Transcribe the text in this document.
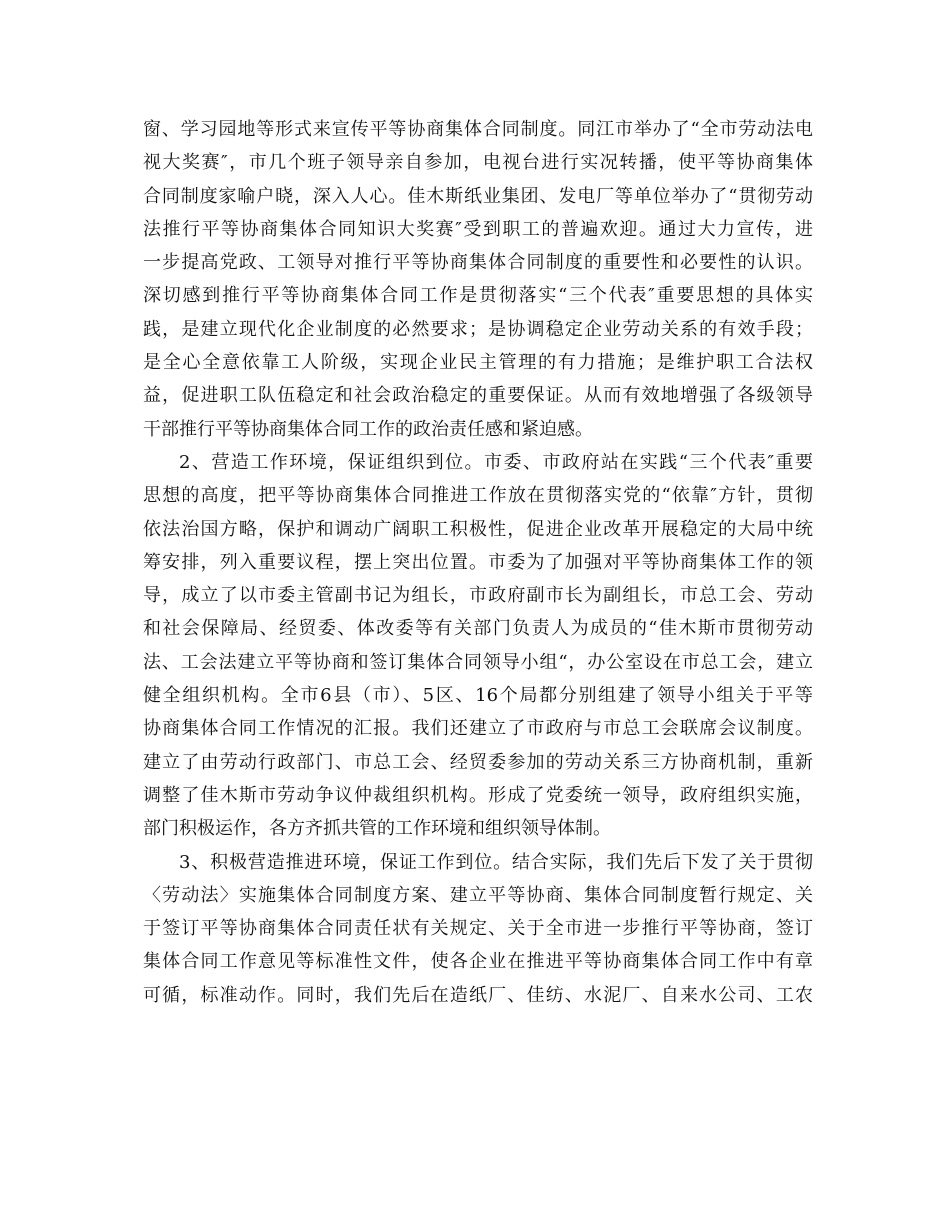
窗、学习园地等形式来宣传平等协商集体合同制度。同江市举办了“全市劳动法电
视大奖赛″，市几个班子领导亲自参加，电视台进行实况转播，使平等协商集体
合同制度家喻户晓，深入人心。佳木斯纸业集团、发电厂等单位举办了“贯彻劳动
法推行平等协商集体合同知识大奖赛″受到职工的普遍欢迎。通过大力宣传，进
一步提高党政、工领导对推行平等协商集体合同制度的重要性和必要性的认识。
深切感到推行平等协商集体合同工作是贯彻落实“三个代表″重要思想的具体实
践，是建立现代化企业制度的必然要求；是协调稳定企业劳动关系的有效手段；
是全心全意依靠工人阶级，实现企业民主管理的有力措施；是维护职工合法权
益，促进职工队伍稳定和社会政治稳定的重要保证。从而有效地增强了各级领导
干部推行平等协商集体合同工作的政治责任感和紧迫感。
2、营造工作环境，保证组织到位。市委、市政府站在实践“三个代表″重要
思想的高度，把平等协商集体合同推进工作放在贯彻落实党的“依靠″方针，贯彻
依法治国方略，保护和调动广阔职工积极性，促进企业改革开展稳定的大局中统
筹安排，列入重要议程，摆上突出位置。市委为了加强对平等协商集体工作的领
导，成立了以市委主管副书记为组长，市政府副市长为副组长，市总工会、劳动
和社会保障局、经贸委、体改委等有关部门负责人为成员的“佳木斯市贯彻劳动
法、工会法建立平等协商和签订集体合同领导小组“，办公室设在市总工会，建立
健全组织机构。全市6县（市）、5区、16个局都分别组建了领导小组关于平等
协商集体合同工作情况的汇报。我们还建立了市政府与市总工会联席会议制度。
建立了由劳动行政部门、市总工会、经贸委参加的劳动关系三方协商机制，重新
调整了佳木斯市劳动争议仲裁组织机构。形成了党委统一领导，政府组织实施，
部门积极运作，各方齐抓共管的工作环境和组织领导体制。
3、积极营造推进环境，保证工作到位。结合实际，我们先后下发了关于贯彻
〈劳动法〉实施集体合同制度方案、建立平等协商、集体合同制度暂行规定、关
于签订平等协商集体合同责任状有关规定、关于全市进一步推行平等协商，签订
集体合同工作意见等标准性文件，使各企业在推进平等协商集体合同工作中有章
可循，标准动作。同时，我们先后在造纸厂、佳纺、水泥厂、自来水公司、工农
